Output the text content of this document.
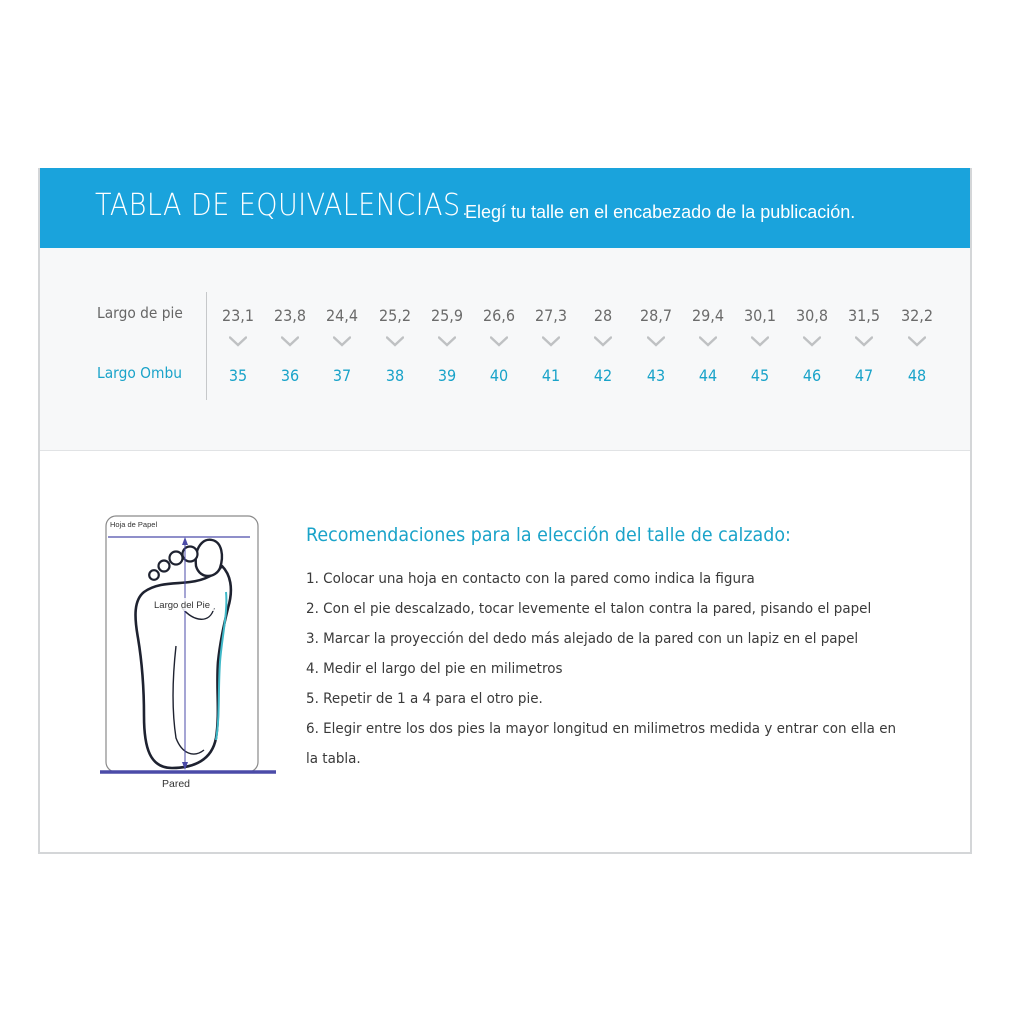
TABLA DE EQUIVALENCIAS.
Elegí tu talle en el encabezado de la publicación.
Largo de pie
Largo Ombu
23,1
35
23,8
36
24,4
37
25,2
38
25,9
39
26,6
40
27,3
41
28
42
28,7
43
29,4
44
30,1
45
30,8
46
31,5
47
32,2
48
Hoja de Papel
Largo del Pie
Pared
Recomendaciones para la elección del talle de calzado:
1. Colocar una hoja en contacto con la pared como indica la figura
2. Con el pie descalzado, tocar levemente el talon contra la pared, pisando el papel
3. Marcar la proyección del dedo más alejado de la pared con un lapiz en el papel
4. Medir el largo del pie en milimetros
5. Repetir de 1 a 4 para el otro pie.
6. Elegir entre los dos pies la mayor longitud en milimetros medida y entrar con ella en la tabla.
